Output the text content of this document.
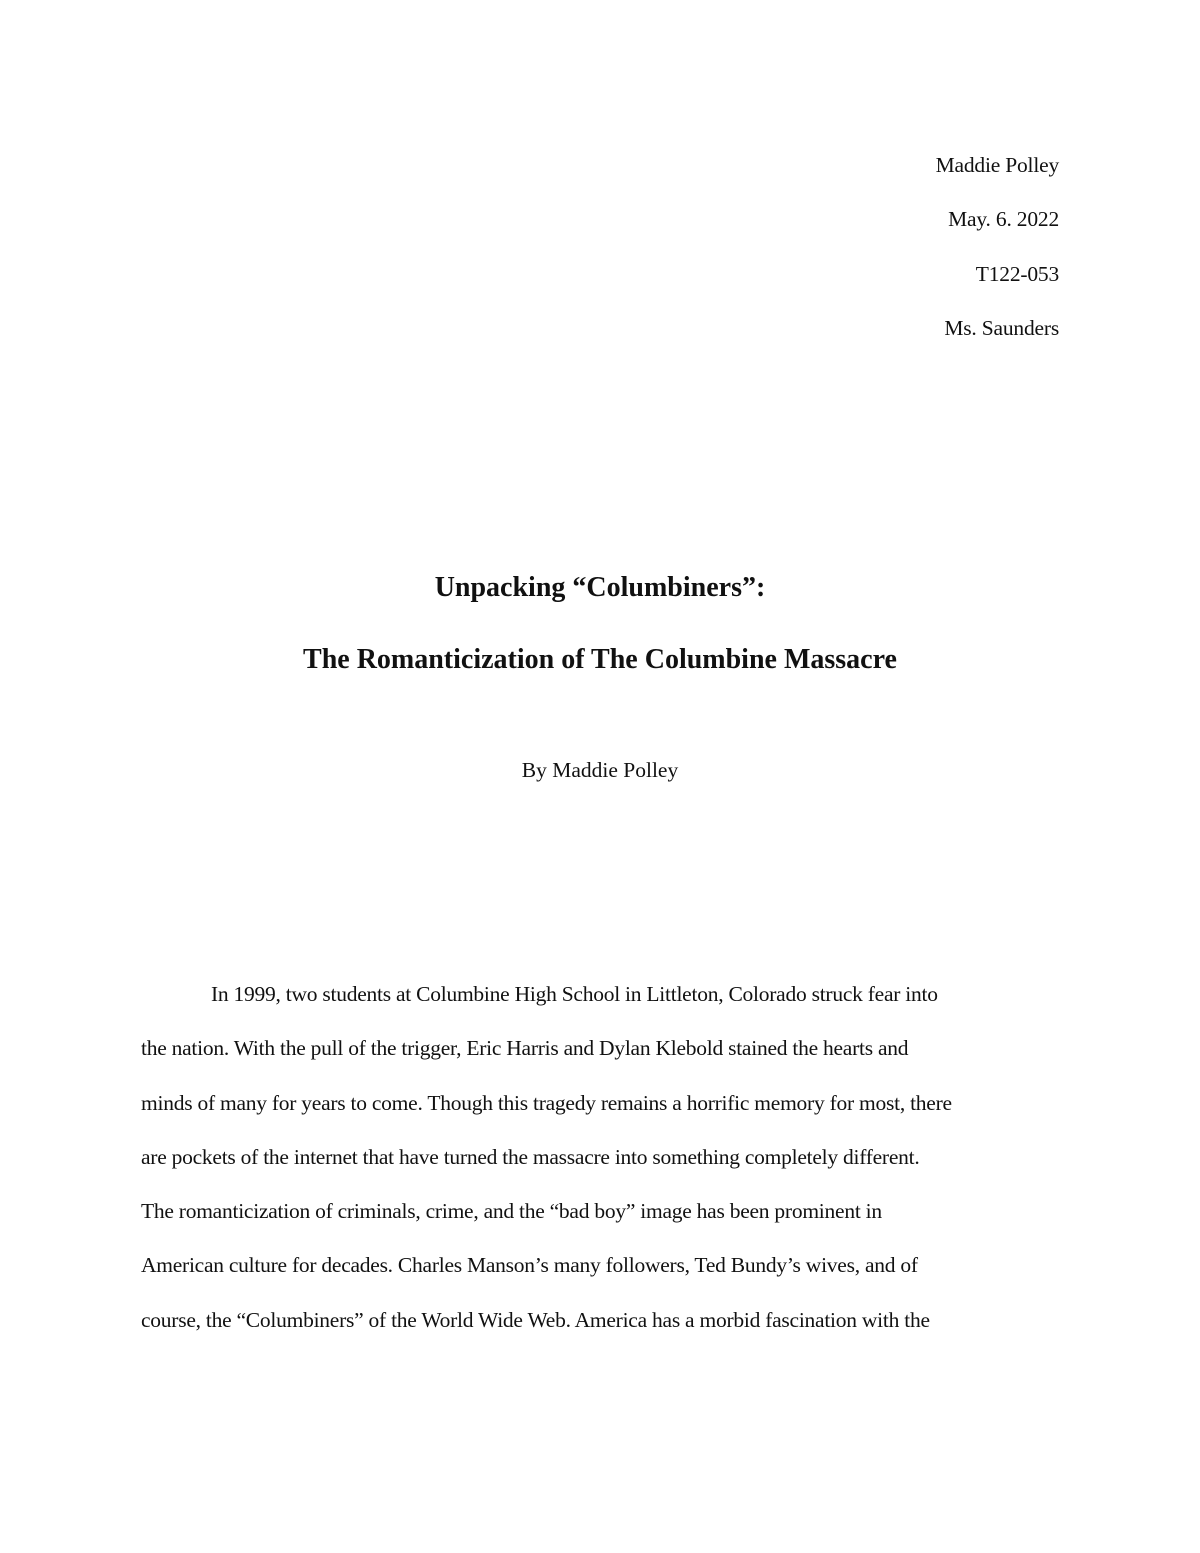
Maddie Polley
May. 6. 2022
T122-053
Ms. Saunders
Unpacking “Columbiners”:
The Romanticization of The Columbine Massacre
By Maddie Polley
In 1999, two students at Columbine High School in Littleton, Colorado struck fear into
the nation. With the pull of the trigger, Eric Harris and Dylan Klebold stained the hearts and
minds of many for years to come. Though this tragedy remains a horrific memory for most, there
are pockets of the internet that have turned the massacre into something completely different.
The romanticization of criminals, crime, and the “bad boy” image has been prominent in
American culture for decades. Charles Manson’s many followers, Ted Bundy’s wives, and of
course, the “Columbiners” of the World Wide Web. America has a morbid fascination with the
